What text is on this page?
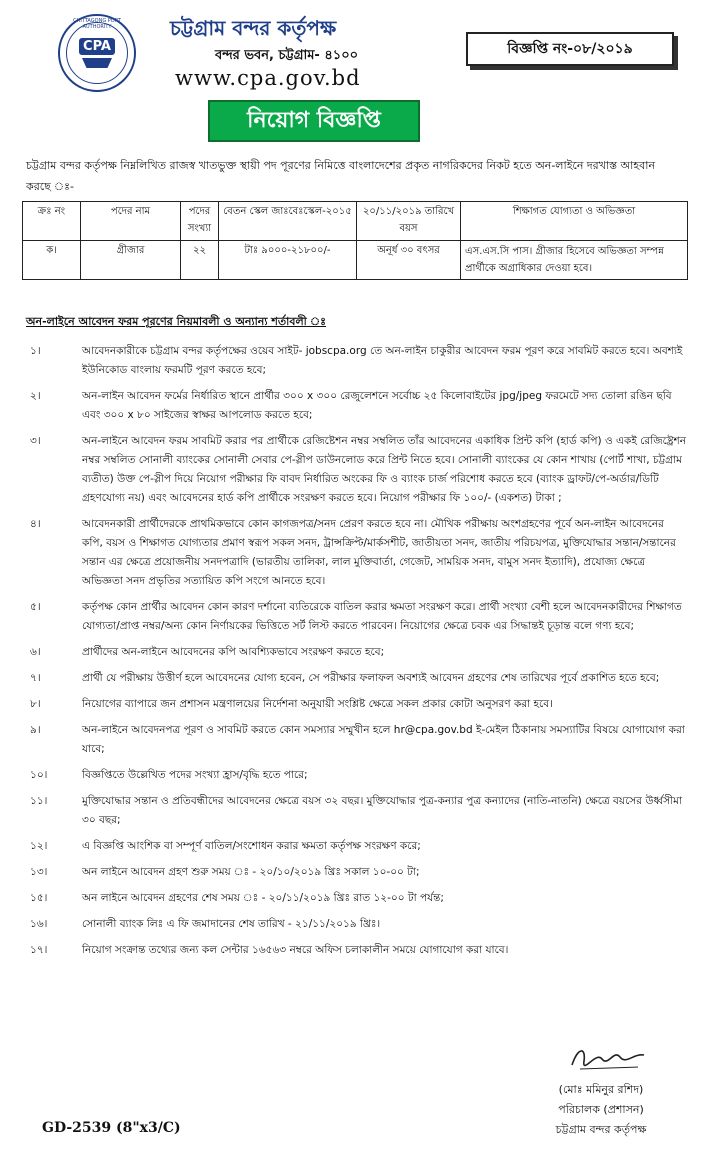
CHITTAGONG PORT AUTHORITY
CPA
চট্টগ্রাম বন্দর কর্তৃপক্ষ
বন্দর ভবন, চট্টগ্রাম- ৪১০০
www.cpa.gov.bd
বিজ্ঞপ্তি নং-০৮/২০১৯
নিয়োগ বিজ্ঞপ্তি
চট্টগ্রাম বন্দর কর্তৃপক্ষ নিম্নলিখিত রাজস্ব খাতভুক্ত স্থায়ী পদ পূরণের নিমিত্তে বাংলাদেশের প্রকৃত নাগরিকদের নিকট হতে অন-লাইনে দরখাস্ত আহবান করছে ঃ-
ক্রঃ নং	পদের নাম	পদের সংখ্যা	বেতন স্কেল জাঃবেঃস্কেল-২০১৫	২০/১১/২০১৯ তারিখে বয়স	শিক্ষাগত যোগ্যতা ও অভিজ্ঞতা
ক।	গ্রীজার	২২	টাঃ ৯০০০-২১৮০০/-	অনূর্ধ ৩০ বৎসর	এস.এস.সি পাস। গ্রীজার হিসেবে অভিজ্ঞতা সম্পন্ন প্রার্থীকে অগ্রাধিকার দেওয়া হবে।
অন-লাইনে আবেদন ফরম পূরণের নিয়মাবলী ও অন্যান্য শর্তাবলী ঃ
১।	আবেদনকারীকে চট্টগ্রাম বন্দর কর্তৃপক্ষের ওয়েব সাইট- jobscpa.org তে অন-লাইন চাকুরীর আবেদন ফরম পূরণ করে সাবমিট করতে হবে। অবশ্যই ইউনিকোড বাংলায় ফরমটি পূরণ করতে হবে;
২।	অন-লাইন আবেদন ফর্মের নির্ধারিত স্থানে প্রার্থীর ৩০০ x ৩০০ রেজুলেশনে সর্বোচ্চ ২৫ কিলোবাইটের jpg/jpeg ফরমেটে সদ্য তোলা রঙিন ছবি এবং ৩০০ x ৮০ সাইজের স্বাক্ষর আপলোড করতে হবে;
৩।	অন-লাইনে আবেদন ফরম সাবমিট করার পর প্রার্থীকে রেজিষ্টেশন নম্বর সম্বলিত তাঁর আবেদনের একাধিক প্রিন্ট কপি (হার্ড কপি) ও একই রেজিষ্ট্রেশন নম্বর সম্বলিত সোনালী ব্যাংকের সোনালী সেবার পে-স্লীপ ডাউনলোড করে প্রিন্ট নিতে হবে। সোনালী ব্যাংকের যে কোন শাখায় (পোর্ট শাখা, চট্টগ্রাম ব্যতীত) উক্ত পে-স্লীপ দিয়ে নিয়োগ পরীক্ষার ফি বাবদ নির্ধারিত অংকের ফি ও ব্যাংক চার্জ পরিশোধ করতে হবে (ব্যাংক ড্রাফট/পে-অর্ডার/ডিটি গ্রহণযোগ্য নয়) এবং আবেদনের হার্ড কপি প্রার্থীকে সংরক্ষণ করতে হবে। নিয়োগ পরীক্ষার ফি ১০০/- (একশত) টাকা ;
৪।	আবেদনকারী প্রার্থীদেরকে প্রাথমিকভাবে কোন কাগজপত্র/সনদ প্রেরণ করতে হবে না। মৌখিক পরীক্ষায় অংশগ্রহণের পূর্বে অন-লাইন আবেদনের কপি, বয়স ও শিক্ষাগত যোগ্যতার প্রমাণ স্বরূপ সকল সনদ, ট্রান্সক্রিপ্ট/মার্কসশীট, জাতীয়তা সনদ, জাতীয় পরিচয়পত্র, মুক্তিযোদ্ধার সন্তান/সন্তানের সন্তান এর ক্ষেত্রে প্রয়োজনীয় সনদপত্রাদি (ভারতীয় তালিকা, লাল মুক্তিবার্তা, গেজেট, সাময়িক সনদ, বামুস সনদ ইত্যাদি), প্রযোজ্য ক্ষেত্রে অভিজ্ঞতা সনদ প্রভৃতির সত্যায়িত কপি সংগে আনতে হবে।
৫।	কর্তৃপক্ষ কোন প্রার্থীর আবেদন কোন কারণ দর্শানো ব্যতিরেকে বাতিল করার ক্ষমতা সংরক্ষণ করে। প্রার্থী সংখ্যা বেশী হলে আবেদনকারীদের শিক্ষাগত যোগ্যতা/প্রাপ্ত নম্বর/অন্য কোন নির্ণায়কের ভিত্তিতে সর্ট লিস্ট করতে পারবেন। নিয়োগের ক্ষেত্রে চবক এর সিদ্ধান্তই চূড়ান্ত বলে গণ্য হবে;
৬।	প্রার্থীদের অন-লাইনে আবেদনের কপি আবশ্যিকভাবে সংরক্ষণ করতে হবে;
৭।	প্রার্থী যে পরীক্ষায় উত্তীর্ণ হলে আবেদনের যোগ্য হবেন, সে পরীক্ষার ফলাফল অবশ্যই আবেদন গ্রহণের শেষ তারিখের পূর্বে প্রকাশিত হতে হবে;
৮।	নিয়োগের ব্যাপারে জন প্রশাসন মন্ত্রণালয়ের নির্দেশনা অনুযায়ী সংশ্লিষ্ট ক্ষেত্রে সকল প্রকার কোটা অনুসরণ করা হবে।
৯।	অন-লাইনে আবেদনপত্র পূরণ ও সাবমিট করতে কোন সমস্যার সম্মুখীন হলে hr@cpa.gov.bd ই-মেইল ঠিকানায় সমস্যাটির বিষয়ে যোগাযোগ করা যাবে;
১০।	বিজ্ঞপ্তিতে উল্লেখিত পদের সংখ্যা হ্রাস/বৃদ্ধি হতে পারে;
১১।	মুক্তিযোদ্ধার সন্তান ও প্রতিবন্ধীদের আবেদনের ক্ষেত্রে বয়স ৩২ বছর। মুক্তিযোদ্ধার পুত্র-কন্যার পুত্র কন্যাদের (নাতি-নাতনি) ক্ষেত্রে বয়সের উর্ধ্বসীমা ৩০ বছর;
১২।	এ বিজ্ঞপ্তি আংশিক বা সম্পূর্ণ বাতিল/সংশোধন করার ক্ষমতা কর্তৃপক্ষ সংরক্ষণ করে;
১৩।	অন লাইনে আবেদন গ্রহণ শুরু সময় ঃ - ২০/১০/২০১৯ খ্রিঃ সকাল ১০-০০ টা;
১৫।	অন লাইনে আবেদন গ্রহণের শেষ সময় ঃ - ২০/১১/২০১৯ খ্রিঃ রাত ১২-০০ টা পর্যন্ত;
১৬।	সোনালী ব্যাংক লিঃ এ ফি জমাদানের শেষ তারিখ - ২১/১১/২০১৯ খ্রিঃ।
১৭।	নিয়োগ সংক্রান্ত তথ্যের জন্য কল সেন্টার ১৬৫৬৩ নম্বরে অফিস চলাকালীন সময়ে যোগাযোগ করা যাবে।
(মোঃ মমিনুর রশিদ)
পরিচালক (প্রশাসন)
চট্টগ্রাম বন্দর কর্তৃপক্ষ
GD-2539 (8"x3/C)
